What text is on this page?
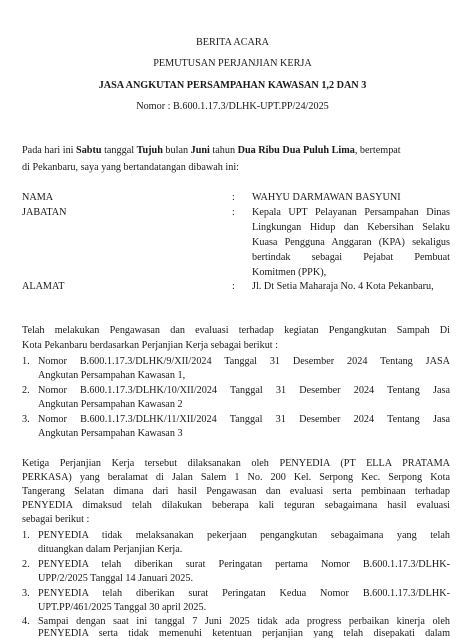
BERITA ACARA
PEMUTUSAN PERJANJIAN KERJA
JASA ANGKUTAN PERSAMPAHAN KAWASAN 1,2 DAN 3
Nomor : B.600.1.17.3/DLHK-UPT.PP/24/2025
Pada hari ini Sabtu tanggal Tujuh bulan Juni tahun Dua Ribu Dua Puluh Lima, bertempat
di Pekanbaru, saya yang bertandatangan dibawah ini:
NAMA	: WAHYU DARMAWAN BASYUNI
JABATAN	: Kepala UPT Pelayanan Persampahan Dinas
Lingkungan Hidup dan Kebersihan Selaku
Kuasa Pengguna Anggaran (KPA) sekaligus
bertindak sebagai Pejabat Pembuat
Komitmen (PPK),
ALAMAT	: Jl. Dt Setia Maharaja No. 4 Kota Pekanbaru,
Telah melakukan Pengawasan dan evaluasi terhadap kegiatan Pengangkutan Sampah Di
Kota Pekanbaru berdasarkan Perjanjian Kerja sebagai berikut :
1. Nomor B.600.1.17.3/DLHK/9/XII/2024 Tanggal 31 Desember 2024 Tentang JASA
Angkutan Persampahan Kawasan 1,
2. Nomor B.600.1.17.3/DLHK/10/XII/2024 Tanggal 31 Desember 2024 Tentang Jasa
Angkutan Persampahan Kawasan 2
3. Nomor B.600.1.17.3/DLHK/11/XII/2024 Tanggal 31 Desember 2024 Tentang Jasa
Angkutan Persampahan Kawasan 3
Ketiga Perjanjian Kerja tersebut dilaksanakan oleh PENYEDIA (PT ELLA PRATAMA
PERKASA) yang beralamat di Jalan Salem 1 No. 200 Kel. Serpong Kec. Serpong Kota
Tangerang Selatan dimana dari hasil Pengawasan dan evaluasi serta pembinaan terhadap
PENYEDIA dimaksud telah dilakukan beberapa kali teguran sebagaimana hasil evaluasi
sebagai berikut :
1. PENYEDIA tidak melaksanakan pekerjaan pengangkutan sebagaimana yang telah
dituangkan dalam Perjanjian Kerja.
2. PENYEDIA telah diberikan surat Peringatan pertama Nomor B.600.1.17.3/DLHK-
UPP/2/2025 Tanggal 14 Januari 2025.
3. PENYEDIA telah diberikan surat Peringatan Kedua Nomor B.600.1.17.3/DLHK-
UPT.PP/461/2025 Tanggal 30 april 2025.
4. Sampai dengan saat ini tanggal 7 Juni 2025 tidak ada progress perbaikan kinerja oleh
PENYEDIA serta tidak memenuhi ketentuan perjanjian yang telah disepakati dalam
